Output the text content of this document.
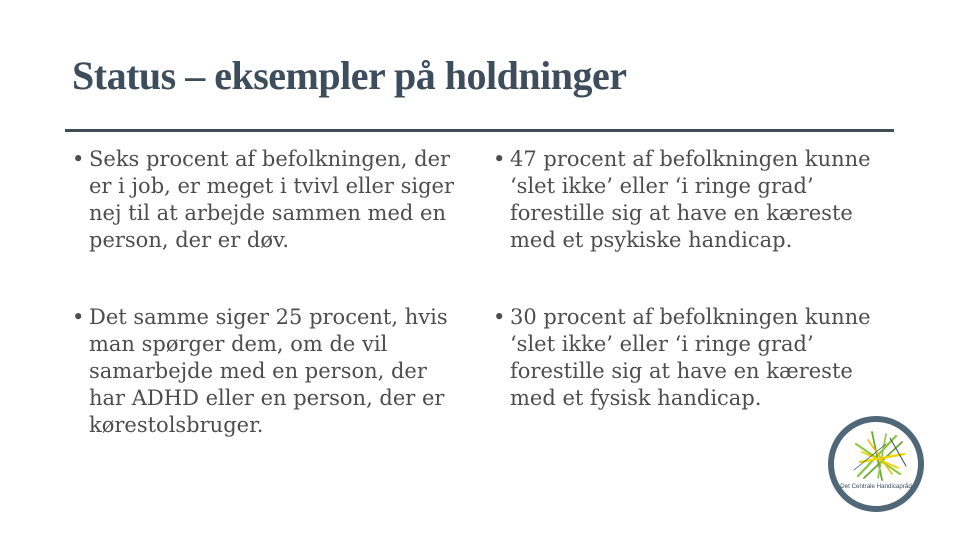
Status – eksempler på holdninger
• Seks procent af befolkningen, der er i job, er meget i tvivl eller siger nej til at arbejde sammen med en person, der er døv.
• Det samme siger 25 procent, hvis man spørger dem, om de vil samarbejde med en person, der har ADHD eller en person, der er kørestolsbruger.
• 47 procent af befolkningen kunne ‘slet ikke’ eller ‘i ringe grad’ forestille sig at have en kæreste med et psykiske handicap.
• 30 procent af befolkningen kunne ‘slet ikke’ eller ‘i ringe grad’ forestille sig at have en kæreste med et fysisk handicap.
Det Centrale Handicapråd
